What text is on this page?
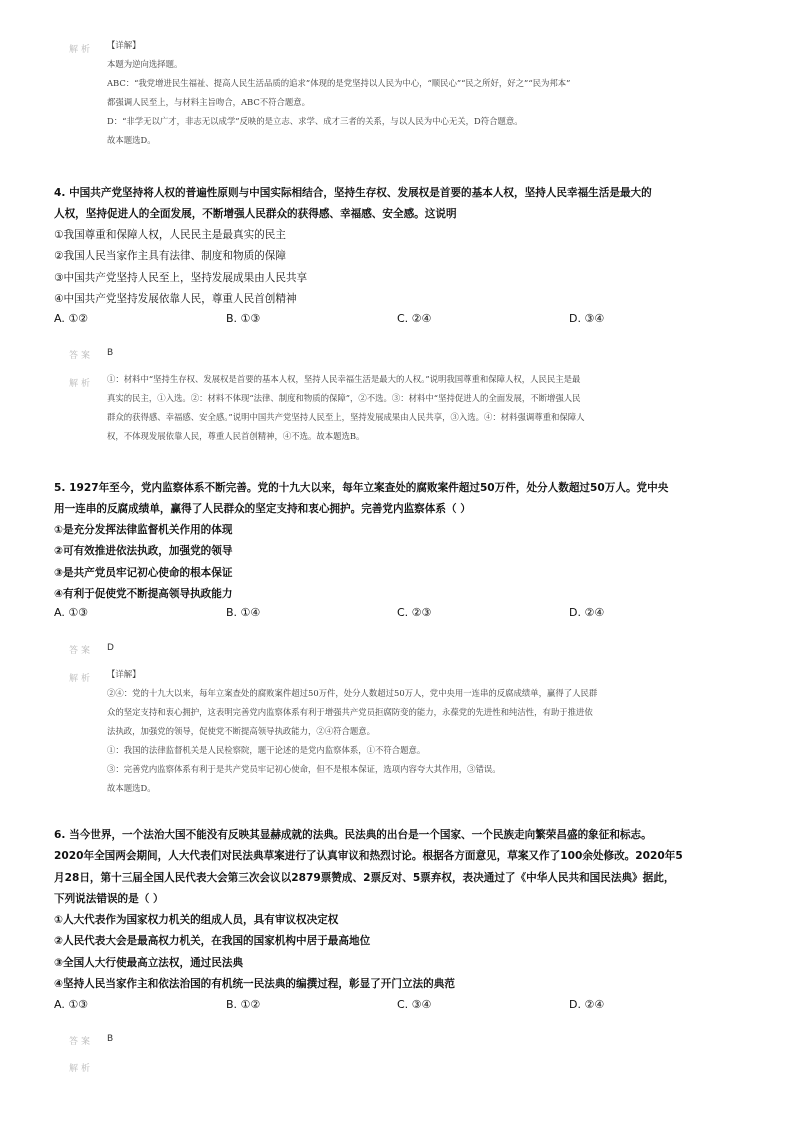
解析 【详解】
本题为逆向选择题。
ABC：“我党增进民生福祉、提高人民生活品质的追求”体现的是党坚持以人民为中心，“顺民心”“民之所好，好之”“民为邦本”
都强调人民至上，与材料主旨吻合，ABC不符合题意。
D：“非学无以广才，非志无以成学”反映的是立志、求学、成才三者的关系，与以人民为中心无关，D符合题意。
故本题选D。
4. 中国共产党坚持将人权的普遍性原则与中国实际相结合，坚持生存权、发展权是首要的基本人权，坚持人民幸福生活是最大的
人权，坚持促进人的全面发展，不断增强人民群众的获得感、幸福感、安全感。这说明
①我国尊重和保障人权，人民民主是最真实的民主
②我国人民当家作主具有法律、制度和物质的保障
③中国共产党坚持人民至上，坚持发展成果由人民共享
④中国共产党坚持发展依靠人民，尊重人民首创精神
A. ①②	B. ①③	C. ②④	D. ③④
答案 B
解析 ①：材料中“坚持生存权、发展权是首要的基本人权，坚持人民幸福生活是最大的人权。”说明我国尊重和保障人权，人民民主是最
真实的民主，①入选。②：材料不体现“法律、制度和物质的保障”，②不选。③：材料中“坚持促进人的全面发展，不断增强人民
群众的获得感、幸福感、安全感。”说明中国共产党坚持人民至上，坚持发展成果由人民共享，③入选。④：材料强调尊重和保障人
权，不体现发展依靠人民，尊重人民首创精神，④不选。故本题选B。
5. 1927年至今，党内监察体系不断完善。党的十九大以来，每年立案查处的腐败案件超过50万件，处分人数超过50万人。党中央
用一连串的反腐成绩单，赢得了人民群众的坚定支持和衷心拥护。完善党内监察体系（ ）
①是充分发挥法律监督机关作用的体现
②可有效推进依法执政，加强党的领导
③是共产党员牢记初心使命的根本保证
④有利于促使党不断提高领导执政能力
A. ①③	B. ①④	C. ②③	D. ②④
答案 D
解析 【详解】
②④：党的十九大以来，每年立案查处的腐败案件超过50万件，处分人数超过50万人，党中央用一连串的反腐成绩单，赢得了人民群
众的坚定支持和衷心拥护，这表明完善党内监察体系有利于增强共产党员拒腐防变的能力，永葆党的先进性和纯洁性，有助于推进依
法执政，加强党的领导，促使党不断提高领导执政能力，②④符合题意。
①：我国的法律监督机关是人民检察院，题干论述的是党内监察体系，①不符合题意。
③：完善党内监察体系有利于是共产党员牢记初心使命，但不是根本保证，选项内容夸大其作用，③错误。
故本题选D。
6. 当今世界，一个法治大国不能没有反映其显赫成就的法典。民法典的出台是一个国家、一个民族走向繁荣昌盛的象征和标志。
2020年全国两会期间，人大代表们对民法典草案进行了认真审议和热烈讨论。根据各方面意见，草案又作了100余处修改。2020年5
月28日，第十三届全国人民代表大会第三次会议以2879票赞成、2票反对、5票弃权，表决通过了《中华人民共和国民法典》据此，
下列说法错误的是（ ）
①人大代表作为国家权力机关的组成人员，具有审议权决定权
②人民代表大会是最高权力机关，在我国的国家机构中居于最高地位
③全国人大行使最高立法权，通过民法典
④坚持人民当家作主和依法治国的有机统一民法典的编撰过程，彰显了开门立法的典范
A. ①③	B. ①②	C. ③④	D. ②④
答案 B
解析
